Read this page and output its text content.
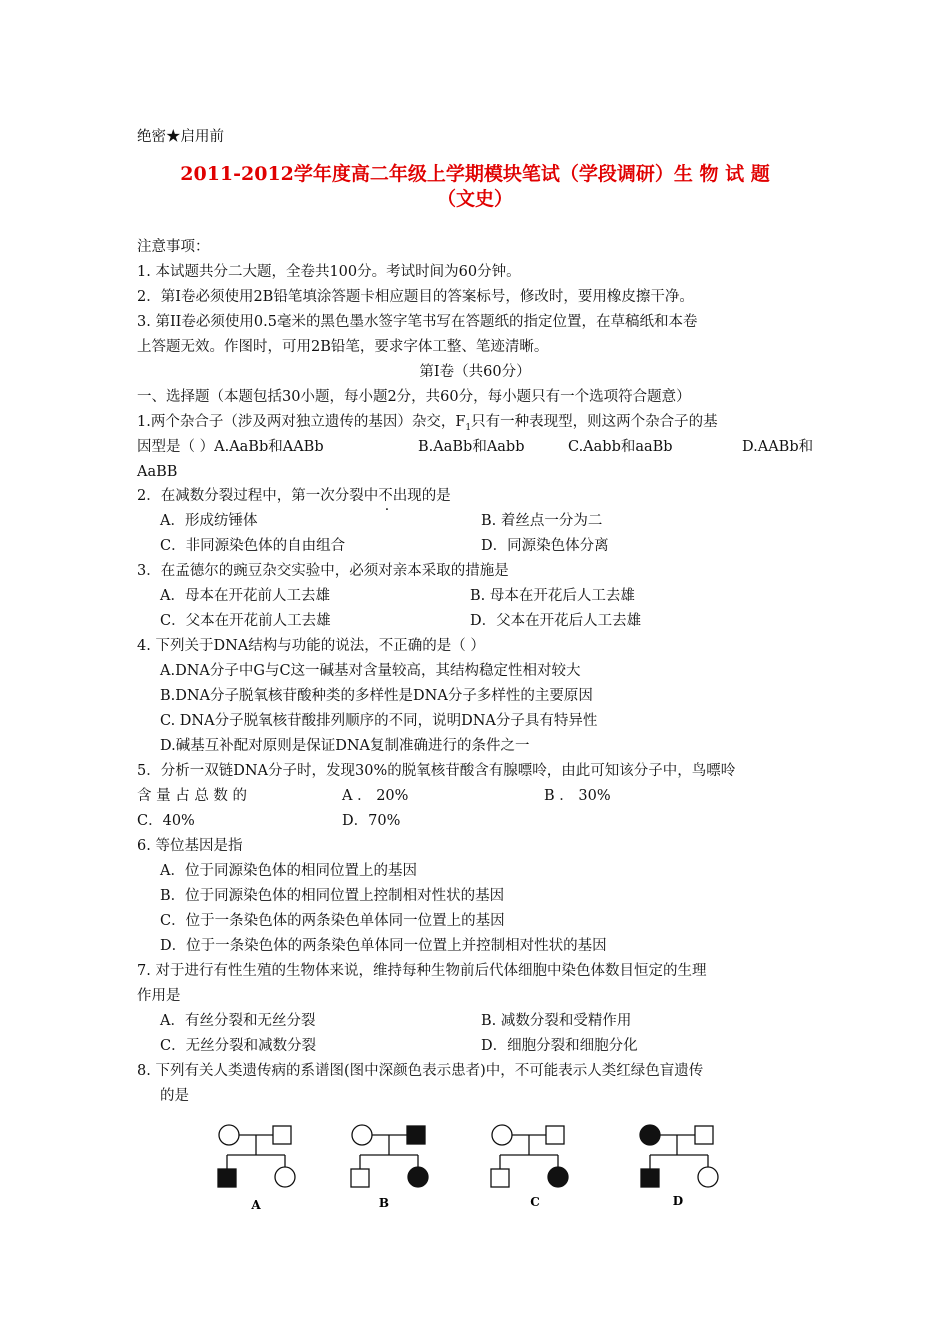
绝密★启用前
2011-2012学年度高二年级上学期模块笔试（学段调研）生 物 试 题
（文史）
注意事项：
1. 本试题共分二大题，全卷共100分。考试时间为60分钟。
2．第Ⅰ卷必须使用2B铅笔填涂答题卡相应题目的答案标号，修改时，要用橡皮擦干净。
3. 第II卷必须使用0.5毫米的黑色墨水签字笔书写在答题纸的指定位置，在草稿纸和本卷
上答题无效。作图时，可用2B铅笔，要求字体工整、笔迹清晰。
第Ⅰ卷（共60分）
一、选择题（本题包括30小题，每小题2分，共60分，每小题只有一个选项符合题意）
1.两个杂合子（涉及两对独立遗传的基因）杂交，$F_1$只有一种表现型，则这两个杂合子的基
因型是（ ）A.AaBb和AABb	B.AaBb和Aabb	C.Aabb和aaBb	D.AABb和
AaBB
2．在减数分裂过程中，第一次分裂中不出现的是
A．形成纺锤体	B. 着丝点一分为二
C．非同源染色体的自由组合	D．同源染色体分离
3．在孟德尔的豌豆杂交实验中，必须对亲本采取的措施是
A．母本在开花前人工去雄	B. 母本在开花后人工去雄
C．父本在开花前人工去雄	D．父本在开花后人工去雄
4. 下列关于DNA结构与功能的说法，不正确的是（ ）
A.DNA分子中G与C这一碱基对含量较高，其结构稳定性相对较大
B.DNA分子脱氧核苷酸种类的多样性是DNA分子多样性的主要原因
C. DNA分子脱氧核苷酸排列顺序的不同，说明DNA分子具有特异性
D.碱基互补配对原则是保证DNA复制准确进行的条件之一
5．分析一双链DNA分子时，发现30%的脱氧核苷酸含有腺嘌呤，由此可知该分子中，鸟嘌呤
含 量 占 总 数 的	A ． 20%	B ． 30%
C．40%	D．70%
6. 等位基因是指
A．位于同源染色体的相同位置上的基因
B．位于同源染色体的相同位置上控制相对性状的基因
C．位于一条染色体的两条染色单体同一位置上的基因
D．位于一条染色体的两条染色单体同一位置上并控制相对性状的基因
7. 对于进行有性生殖的生物体来说，维持每种生物前后代体细胞中染色体数目恒定的生理
作用是
A．有丝分裂和无丝分裂	B. 减数分裂和受精作用
C．无丝分裂和减数分裂	D．细胞分裂和细胞分化
8. 下列有关人类遗传病的系谱图(图中深颜色表示患者)中，不可能表示人类红绿色盲遗传
的是
A	B	C	D
